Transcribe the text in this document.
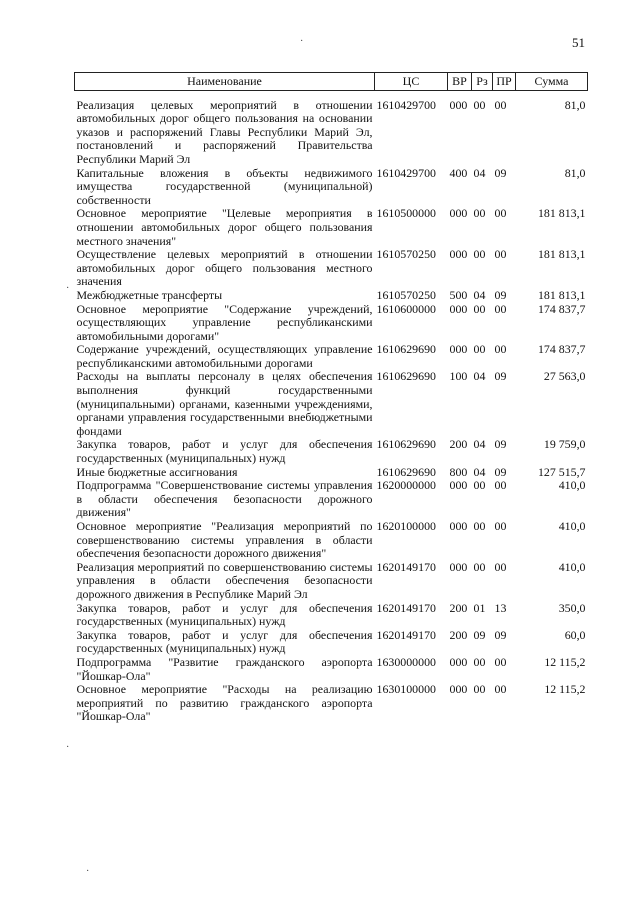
51
Наименование	ЦС	ВР	Рз	ПР	Сумма

Реализация целевых мероприятий в отношении автомобильных дорог общего пользования на основании указов и распоряжений Главы Республики Марий Эл, постановлений и распоряжений Правительства Республики Марий Эл	1610429700	000	00	00	81,0
Капитальные вложения в объекты недвижимого имущества государственной (муниципальной) собственности	1610429700	400	04	09	81,0
Основное мероприятие "Целевые мероприятия в отношении автомобильных дорог общего пользования местного значения"	1610500000	000	00	00	181 813,1
Осуществление целевых мероприятий в отношении автомобильных дорог общего пользования местного значения	1610570250	000	00	00	181 813,1
Межбюджетные трансферты	1610570250	500	04	09	181 813,1
Основное мероприятие "Содержание учреждений, осуществляющих управление республиканскими автомобильными дорогами"	1610600000	000	00	00	174 837,7
Содержание учреждений, осуществляющих управление республиканскими автомобильными дорогами	1610629690	000	00	00	174 837,7
Расходы на выплаты персоналу в целях обеспечения выполнения функций государственными (муниципальными) органами, казенными учреждениями, органами управления государственными внебюджетными фондами	1610629690	100	04	09	27 563,0
Закупка товаров, работ и услуг для обеспечения государственных (муниципальных) нужд	1610629690	200	04	09	19 759,0
Иные бюджетные ассигнования	1610629690	800	04	09	127 515,7
Подпрограмма "Совершенствование системы управления в области обеспечения безопасности дорожного движения"	1620000000	000	00	00	410,0
Основное мероприятие "Реализация мероприятий по совершенствованию системы управления в области обеспечения безопасности дорожного движения"	1620100000	000	00	00	410,0
Реализация мероприятий по совершенствованию системы управления в области обеспечения безопасности дорожного движения в Республике Марий Эл	1620149170	000	00	00	410,0
Закупка товаров, работ и услуг для обеспечения государственных (муниципальных) нужд	1620149170	200	01	13	350,0
Закупка товаров, работ и услуг для обеспечения государственных (муниципальных) нужд	1620149170	200	09	09	60,0
Подпрограмма "Развитие гражданского аэропорта "Йошкар-Ола"	1630000000	000	00	00	12 115,2
Основное мероприятие "Расходы на реализацию мероприятий по развитию гражданского аэропорта "Йошкар-Ола"	1630100000	000	00	00	12 115,2
·
·
·
·
